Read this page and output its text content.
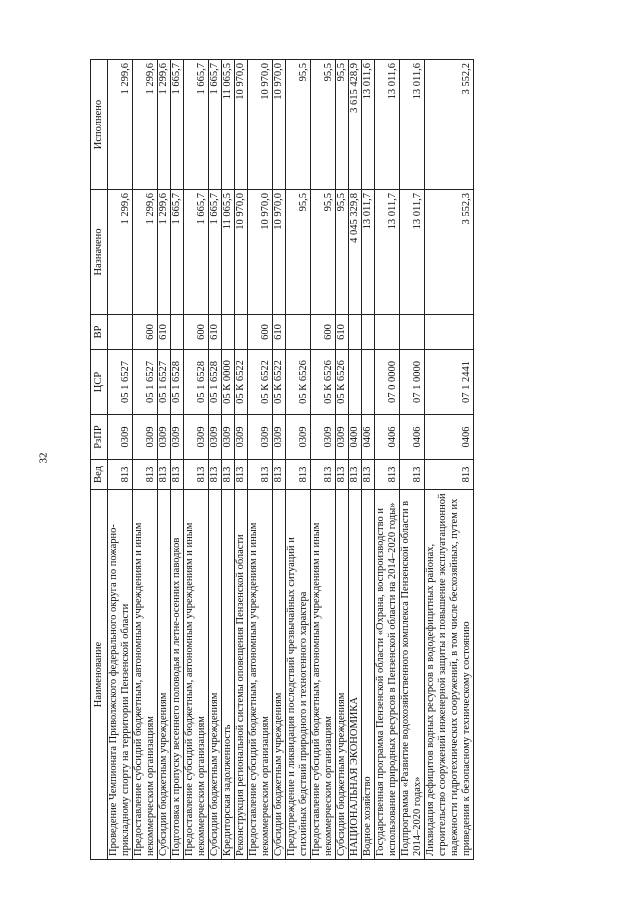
32
Наименование	Вед	РзПР	ЦСР	ВР	Назначено	Исполнено
Проведение Чемпионата Приволжского федерального округа по пожарно-прикладному спорту на территории Пензенской области	813	0309	05 1 6527		1 299,6	1 299,6
Предоставление субсидий бюджетным, автономным учреждениям и иным некоммерческим организациям	813	0309	05 1 6527	600	1 299,6	1 299,6
Субсидии бюджетным учреждениям	813	0309	05 1 6527	610	1 299,6	1 299,6
Подготовка к пропуску весеннего половодья и летне-осенних паводков	813	0309	05 1 6528		1 665,7	1 665,7
Предоставление субсидий бюджетным, автономным учреждениям и иным некоммерческим организациям	813	0309	05 1 6528	600	1 665,7	1 665,7
Субсидии бюджетным учреждениям	813	0309	05 1 6528	610	1 665,7	1 665,7
Кредиторская задолженность	813	0309	05 К 0000		11 065,5	11 065,5
Реконструкция региональной системы оповещения Пензенской области	813	0309	05 К 6522		10 970,0	10 970,0
Предоставление субсидий бюджетным, автономным учреждениям и иным некоммерческим организациям	813	0309	05 К 6522	600	10 970,0	10 970,0
Субсидии бюджетным учреждениям	813	0309	05 К 6522	610	10 970,0	10 970,0
Предупреждение и ликвидация последствий чрезвычайных ситуаций и стихийных бедствий природного и техногенного характера	813	0309	05 К 6526		95,5	95,5
Предоставление субсидий бюджетным, автономным учреждениям и иным некоммерческим организациям	813	0309	05 К 6526	600	95,5	95,5
Субсидии бюджетным учреждениям	813	0309	05 К 6526	610	95,5	95,5
НАЦИОНАЛЬНАЯ ЭКОНОМИКА	813	0400			4 045 329,8	3 615 428,9
Водное хозяйство	813	0406			13 011,7	13 011,6
Государственная программа Пензенской области «Охрана, воспроизводство и использование природных ресурсов в Пензенской области на 2014–2020 годы»	813	0406	07 0 0000		13 011,7	13 011,6
Подпрограмма «Развитие водохозяйственного комплекса Пензенской области в 2014–2020 годах»	813	0406	07 1 0000		13 011,7	13 011,6
Ликвидация дефицитов водных ресурсов в вододефицитных районах, строительство сооружений инженерной защиты и повышение эксплуатационной надежности гидротехнических сооружений, в том числе бесхозяйных, путем их приведения к безопасному техническому состоянию	813	0406	07 1 2441		3 552,3	3 552,2
